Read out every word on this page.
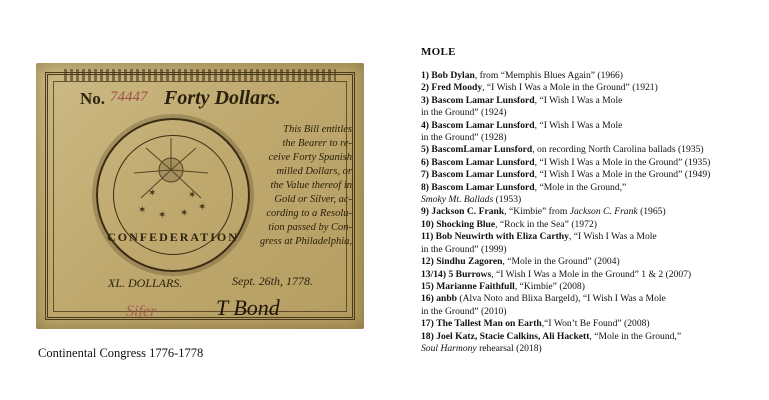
No. 74447 Forty Dollars.
✶ ✶ ✶
✶
✶	✶
CONFEDERATION
This Bill entitles
the Bearer to re-
ceive Forty Spanish
milled Dollars, or
the Value thereof in
Gold or Silver, ac-
cording to a Resolu-
tion passed by Con-
gress at Philadelphia,
XL. DOLLARS.	Sept. 26th, 1778.
Sifer	T Bond
Continental Congress 1776-1778
MOLE
1) Bob Dylan, from “Memphis Blues Again” (1966)
2) Fred Moody, “I Wish I Was a Mole in the Ground” (1921)
3) Bascom Lamar Lunsford, “I Wish I Was a Mole
in the Ground” (1924)
4) Bascom Lamar Lunsford, “I Wish I Was a Mole
in the Ground” (1928)
5) BascomLamar Lunsford, on recording North Carolina ballads (1935)
6) Bascom Lamar Lunsford, “I Wish I Was a Mole in the Ground” (1935)
7) Bascom Lamar Lunsford, “I Wish I Was a Mole in the Ground” (1949)
8) Bascom Lamar Lunsford, “Mole in the Ground,”
Smoky Mt. Ballads (1953)
9) Jackson C. Frank, “Kimbie” from Jackson C. Frank (1965)
10) Shocking Blue, “Rock in the Sea” (1972)
11) Bob Neuwirth with Eliza Carthy, “I Wish I Was a Mole
in the Ground” (1999)
12) Sindhu Zagoren, “Mole in the Ground” (2004)
13/14) 5 Burrows, “I Wish I Was a Mole in the Ground” 1 & 2 (2007)
15) Marianne Faithfull, “Kimbie” (2008)
16) anbb (Alva Noto and Blixa Bargeld), “I Wish I Was a Mole
in the Ground” (2010)
17) The Tallest Man on Earth,“I Won’t Be Found” (2008)
18) Joel Katz, Stacie Calkins, Ali Hackett, “Mole in the Ground,”
Soul Harmony rehearsal (2018)
